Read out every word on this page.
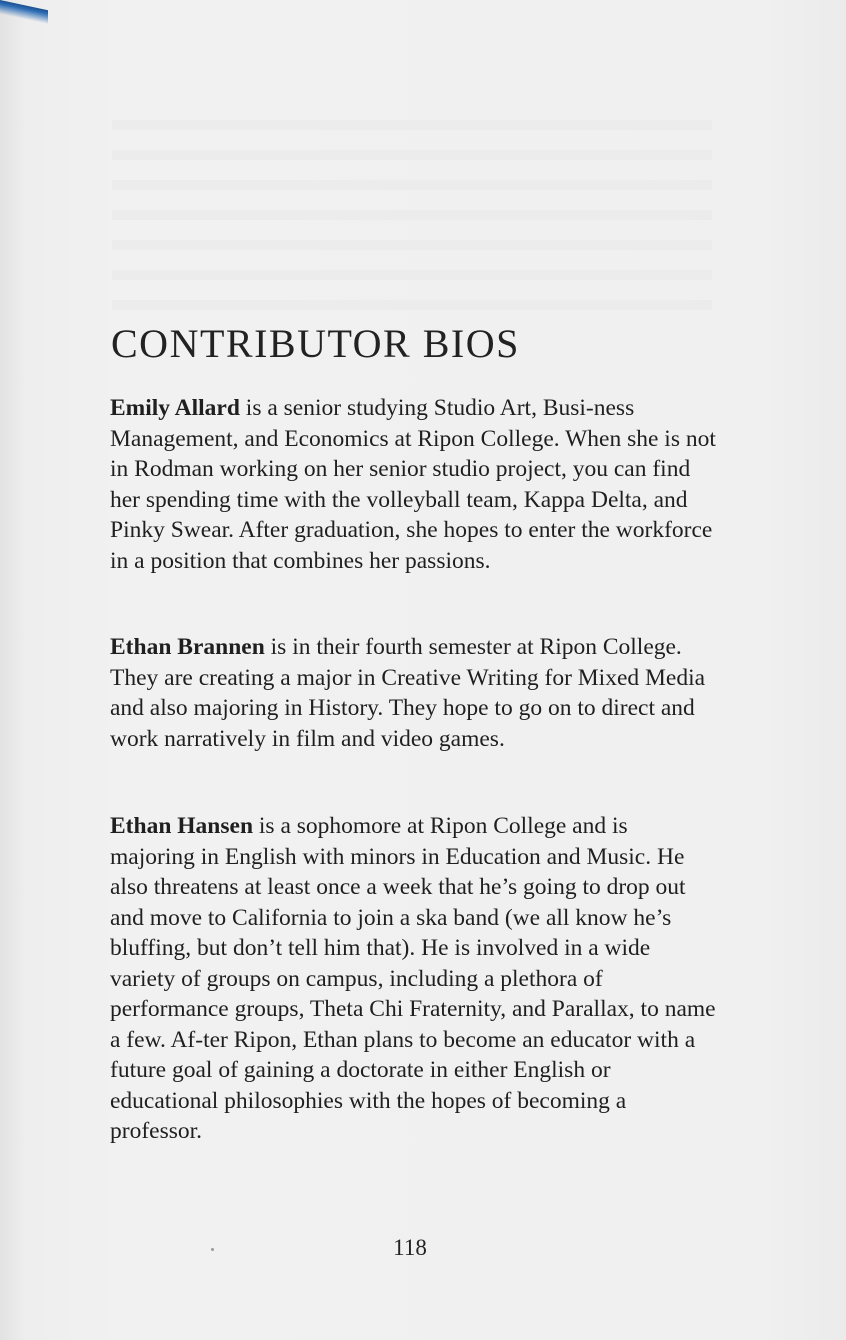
CONTRIBUTOR BIOS

Emily Allard is a senior studying Studio Art, Busi-ness Management, and Economics at Ripon College. When she is not in Rodman working on her senior studio project, you can find her spending time with the volleyball team, Kappa Delta, and Pinky Swear. After graduation, she hopes to enter the workforce in a position that combines her passions.

Ethan Brannen is in their fourth semester at Ripon College. They are creating a major in Creative Writing for Mixed Media and also majoring in History. They hope to go on to direct and work narratively in film and video games.

Ethan Hansen is a sophomore at Ripon College and is majoring in English with minors in Education and Music. He also threatens at least once a week that he’s going to drop out and move to California to join a ska band (we all know he’s bluffing, but don’t tell him that). He is involved in a wide variety of groups on campus, including a plethora of performance groups, Theta Chi Fraternity, and Parallax, to name a few. Af-ter Ripon, Ethan plans to become an educator with a future goal of gaining a doctorate in either English or educational philosophies with the hopes of becoming a professor.

118
